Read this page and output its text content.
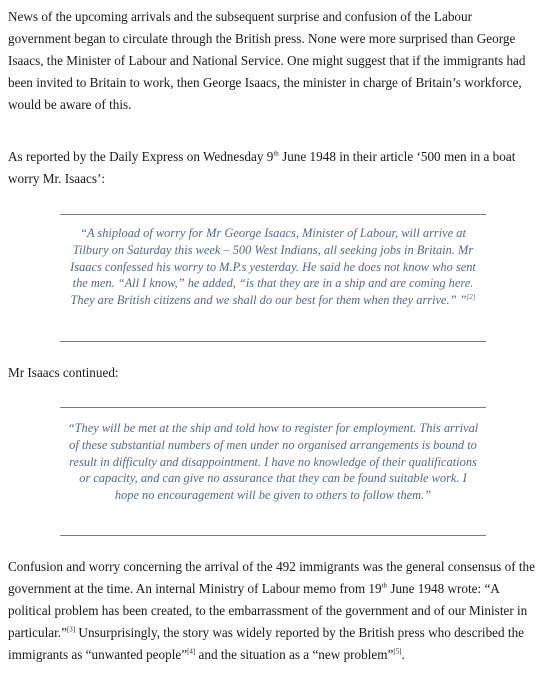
News of the upcoming arrivals and the subsequent surprise and confusion of the Labour government began to circulate through the British press. None were more surprised than George Isaacs, the Minister of Labour and National Service. One might suggest that if the immigrants had been invited to Britain to work, then George Isaacs, the minister in charge of Britain’s workforce, would be aware of this.

As reported by the Daily Express on Wednesday 9th June 1948 in their article ‘500 men in a boat worry Mr. Isaacs’:

“A shipload of worry for Mr George Isaacs, Minister of Labour, will arrive at Tilbury on Saturday this week – 500 West Indians, all seeking jobs in Britain. Mr Isaacs confessed his worry to M.P.s yesterday. He said he does not know who sent the men. “All I know,” he added, “is that they are in a ship and are coming here. They are British citizens and we shall do our best for them when they arrive.” ”[2]

Mr Isaacs continued:

“They will be met at the ship and told how to register for employment. This arrival of these substantial numbers of men under no organised arrangements is bound to result in difficulty and disappointment. I have no knowledge of their qualifications or capacity, and can give no assurance that they can be found suitable work. I hope no encouragement will be given to others to follow them.”

Confusion and worry concerning the arrival of the 492 immigrants was the general consensus of the government at the time. An internal Ministry of Labour memo from 19th June 1948 wrote: “A political problem has been created, to the embarrassment of the government and of our Minister in particular.”[3] Unsurprisingly, the story was widely reported by the British press who described the immigrants as “unwanted people”[4] and the situation as a “new problem”[5].
